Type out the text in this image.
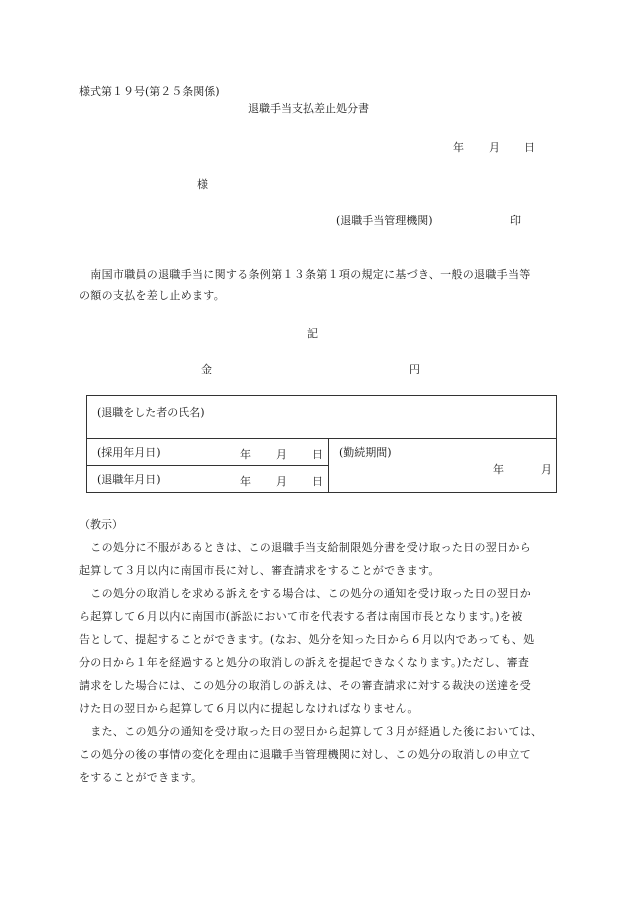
様式第１９号(第２５条関係)
退職手当支払差止処分書
年 月 日
様
(退職手当管理機関)	印
　南国市職員の退職手当に関する条例第１３条第１項の規定に基づき、一般の退職手当等
の額の支払を差し止めます。
記
金	円
(退職をした者の氏名)
(採用年月日)	年 月 日	(勤続期間)
年	月

(退職年月日)	年 月 日
（教示）
　この処分に不服があるときは、この退職手当支給制限処分書を受け取った日の翌日から
起算して３月以内に南国市長に対し、審査請求をすることができます。
　この処分の取消しを求める訴えをする場合は、この処分の通知を受け取った日の翌日か
ら起算して６月以内に南国市(訴訟において市を代表する者は南国市長となります。)を被
告として、提起することができます。(なお、処分を知った日から６月以内であっても、処
分の日から１年を経過すると処分の取消しの訴えを提起できなくなります。)ただし、審査
請求をした場合には、この処分の取消しの訴えは、その審査請求に対する裁決の送達を受
けた日の翌日から起算して６月以内に提起しなければなりません。
　また、この処分の通知を受け取った日の翌日から起算して３月が経過した後においては、
この処分の後の事情の変化を理由に退職手当管理機関に対し、この処分の取消しの申立て
をすることができます。
